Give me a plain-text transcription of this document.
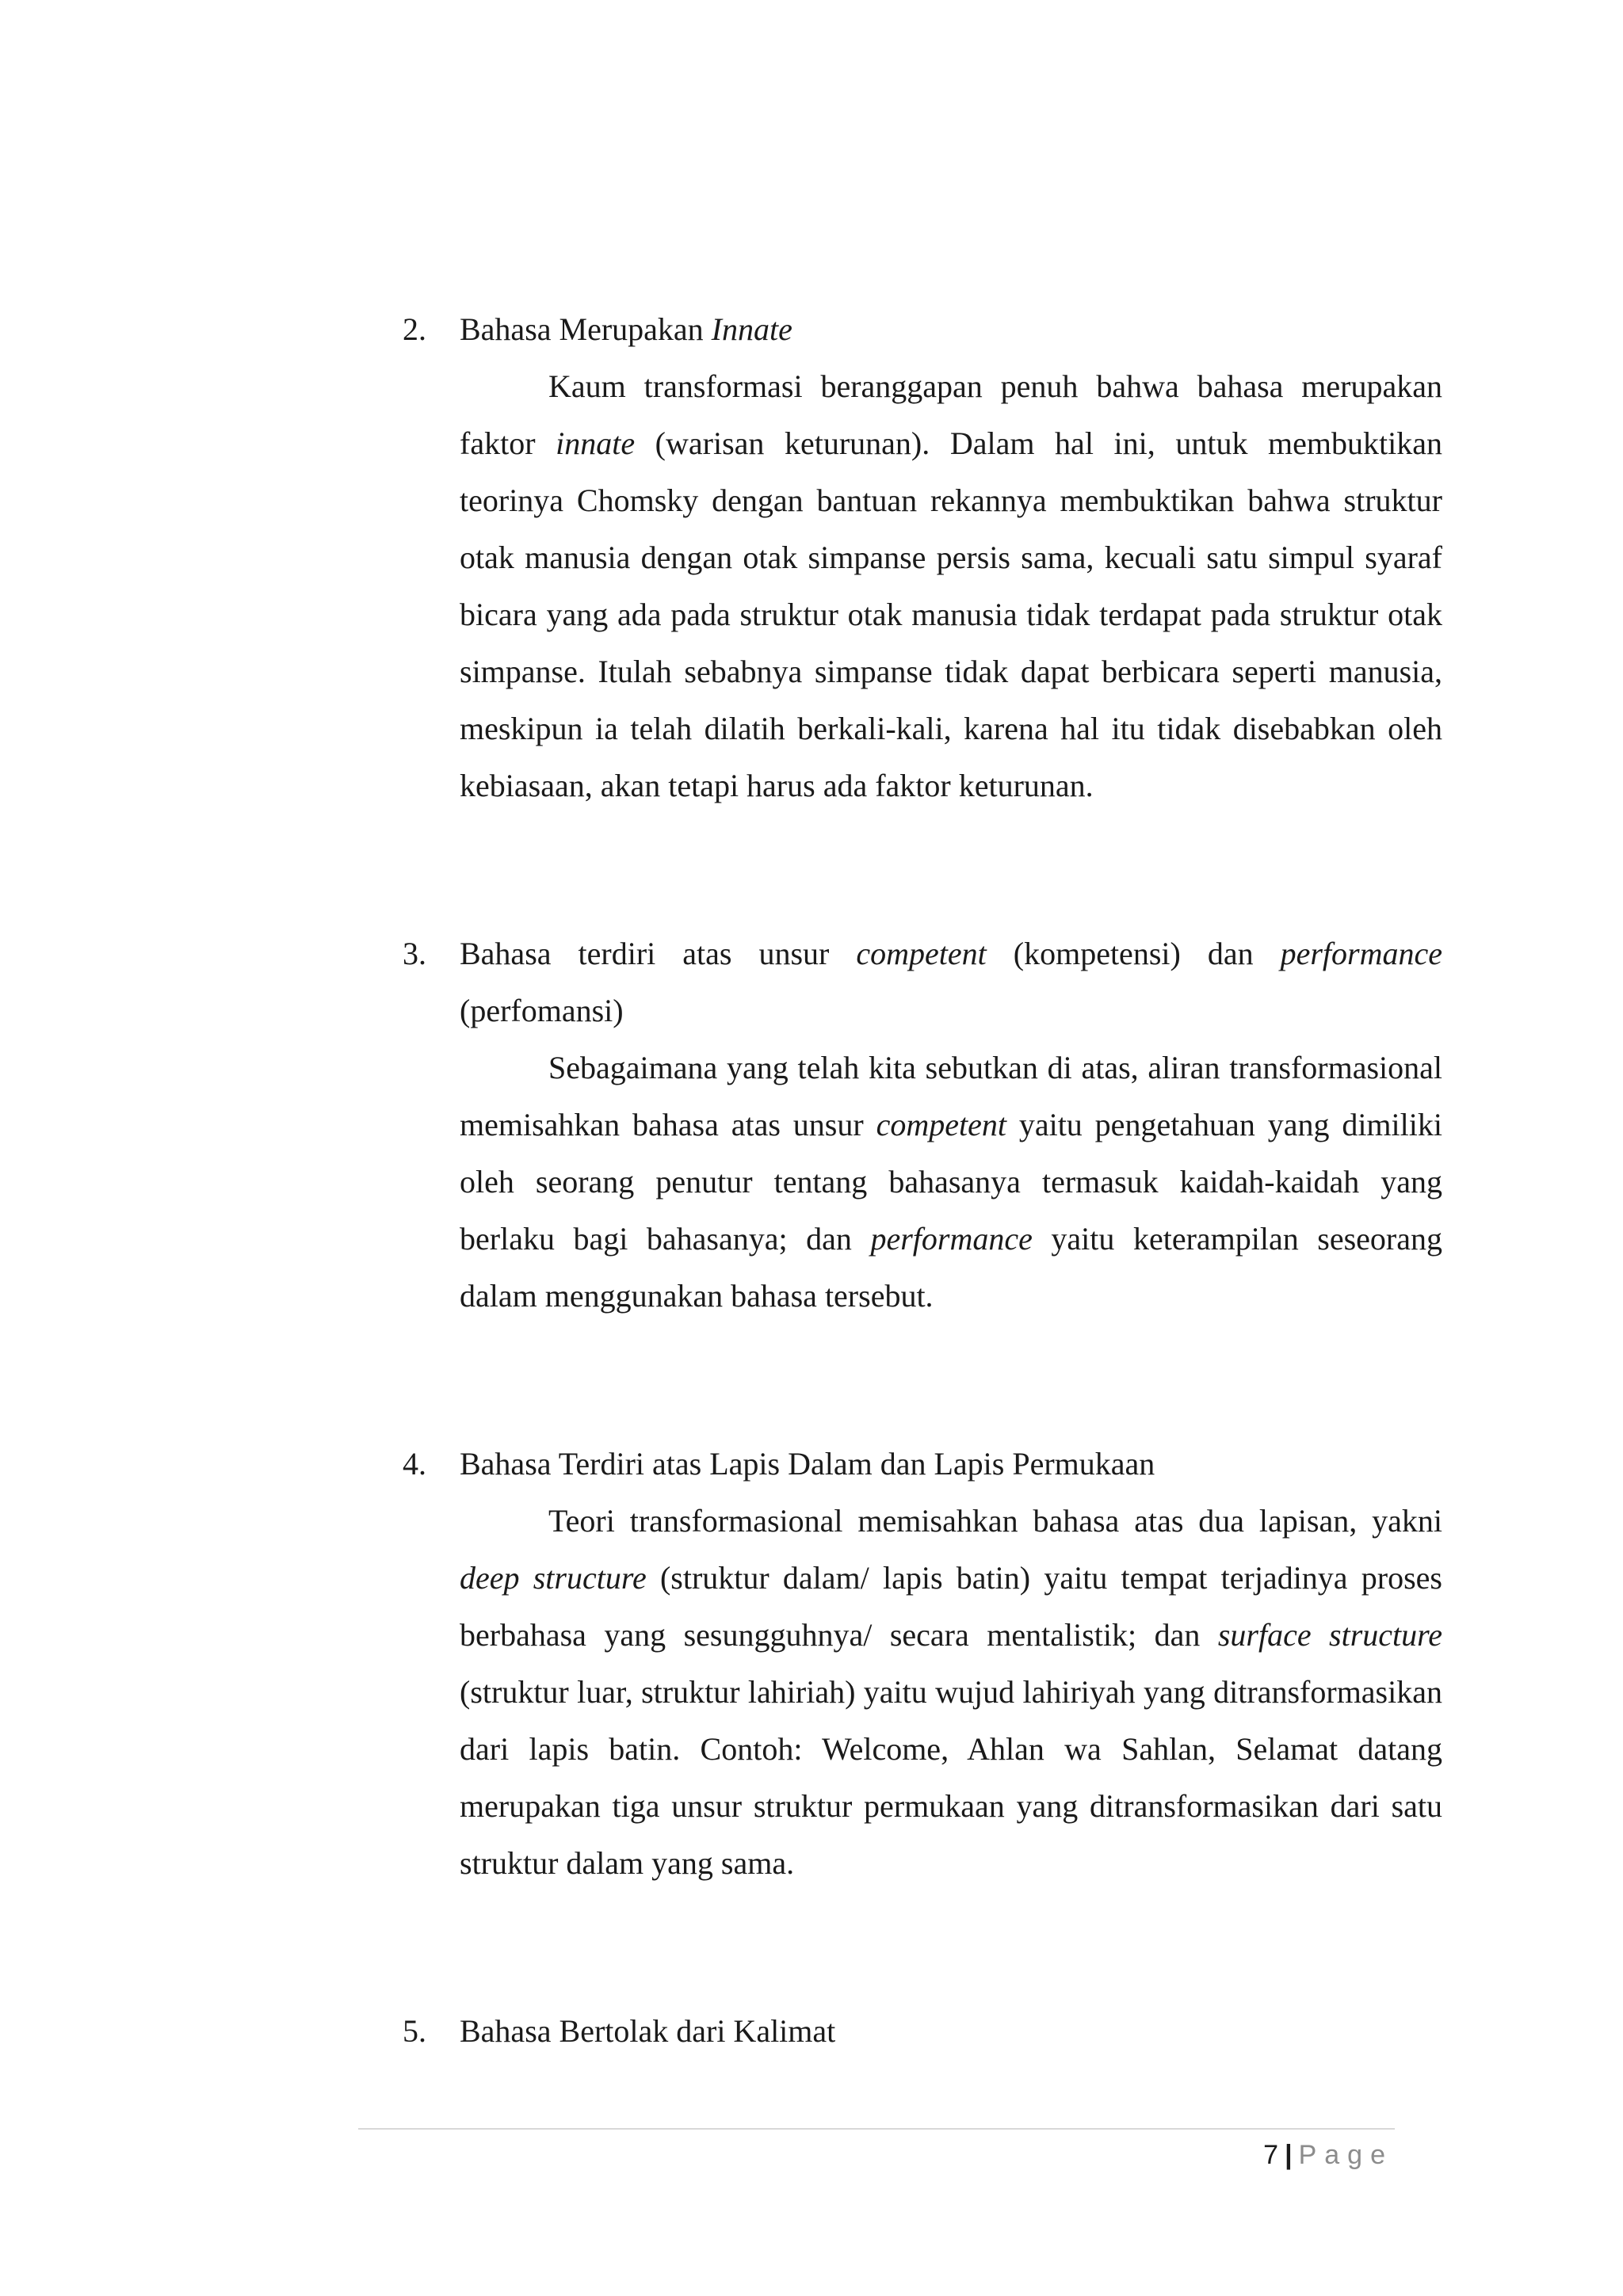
2. Bahasa Merupakan Innate

Kaum transformasi beranggapan penuh bahwa bahasa merupakan faktor innate (warisan keturunan). Dalam hal ini, untuk membuktikan teorinya Chomsky dengan bantuan rekannya membuktikan bahwa struktur otak manusia dengan otak simpanse persis sama, kecuali satu simpul syaraf bicara yang ada pada struktur otak manusia tidak terdapat pada struktur otak simpanse. Itulah sebabnya simpanse tidak dapat berbicara seperti manusia, meskipun ia telah dilatih berkali-kali, karena hal itu tidak disebabkan oleh kebiasaan, akan tetapi harus ada faktor keturunan.

3. Bahasa terdiri atas unsur competent (kompetensi) dan performance (perfomansi)

Sebagaimana yang telah kita sebutkan di atas, aliran transformasional memisahkan bahasa atas unsur competent yaitu pengetahuan yang dimiliki oleh seorang penutur tentang bahasanya termasuk kaidah-kaidah yang berlaku bagi bahasanya; dan performance yaitu keterampilan seseorang dalam menggunakan bahasa tersebut.

4. Bahasa Terdiri atas Lapis Dalam dan Lapis Permukaan

Teori transformasional memisahkan bahasa atas dua lapisan, yakni deep structure (struktur dalam/ lapis batin) yaitu tempat terjadinya proses berbahasa yang sesungguhnya/ secara mentalistik; dan surface structure (struktur luar, struktur lahiriah) yaitu wujud lahiriyah yang ditransformasikan dari lapis batin. Contoh: Welcome, Ahlan wa Sahlan, Selamat datang merupakan tiga unsur struktur permukaan yang ditransformasikan dari satu struktur dalam yang sama.

5. Bahasa Bertolak dari Kalimat

7 | Page
